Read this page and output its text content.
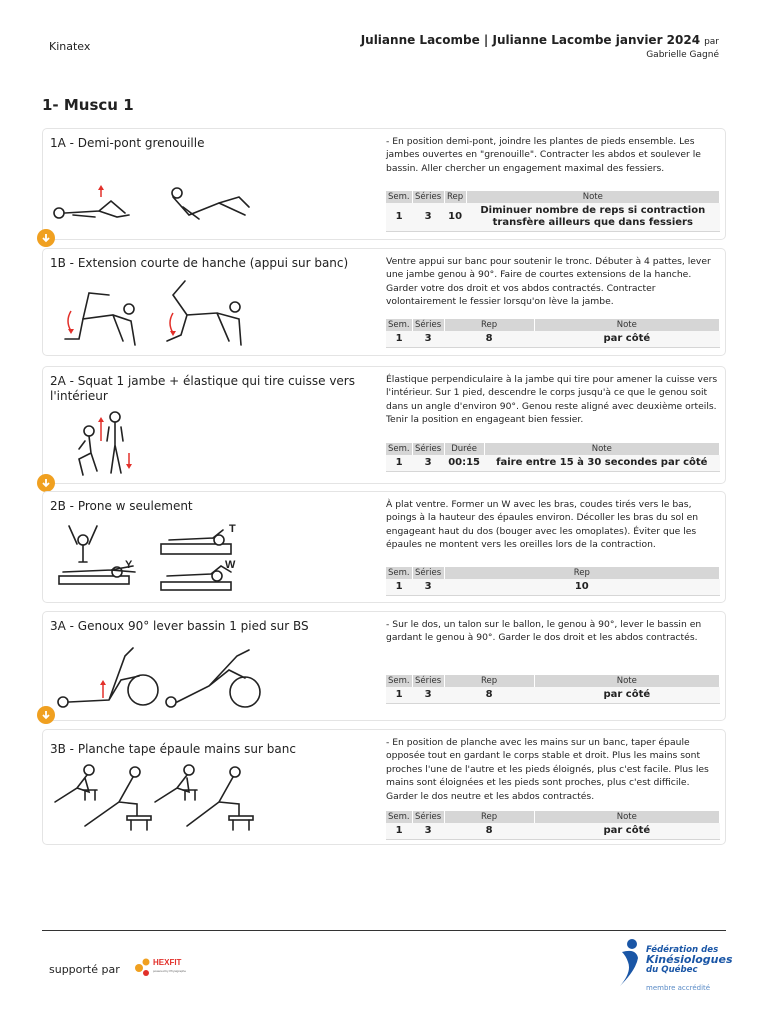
Kinatex	Julianne Lacombe | Julianne Lacombe janvier 2024 par
Gabrielle Gagné
1- Muscu 1
1A - Demi-pont grenouille	- En position demi-pont, joindre les plantes de pieds ensemble. Les jambes ouvertes en "grenouille". Contracter les abdos et soulever le bassin. Aller chercher un engagement maximal des fessiers.
Sem.	Séries	Rep	Note
1	3	10	Diminuer nombre de reps si contraction transfère ailleurs que dans fessiers
1B - Extension courte de hanche (appui sur banc)	Ventre appui sur banc pour soutenir le tronc. Débuter à 4 pattes, lever une jambe genou à 90°. Faire de courtes extensions de la hanche. Garder votre dos droit et vos abdos contractés. Contracter volontairement le fessier lorsqu'on lève la jambe.
Sem.	Séries	Rep	Note
1	3	8	par côté
2A - Squat 1 jambe + élastique qui tire cuisse vers l'intérieur
Élastique perpendiculaire à la jambe qui tire pour amener la cuisse vers l'intérieur. Sur 1 pied, descendre le corps jusqu'à ce que le genou soit dans un angle d'environ 90°. Genou reste aligné avec deuxième orteils. Tenir la position en engageant bien fessier.
Sem.	Séries	Durée	Note
1	3	00:15	faire entre 15 à 30 secondes par côté
2B - Prone w seulement
T
Y	W
À plat ventre. Former un W avec les bras, coudes tirés vers le bas, poings à la hauteur des épaules environ. Décoller les bras du sol en engageant haut du dos (bouger avec les omoplates). Éviter que les épaules ne montent vers les oreilles lors de la contraction.
Sem.	Séries	Rep
1	3	10
3A - Genoux 90° lever bassin 1 pied sur BS	- Sur le dos, un talon sur le ballon, le genou à 90°, lever le bassin en gardant le genou à 90°. Garder le dos droit et les abdos contractés.
Sem.	Séries	Rep	Note
1	3	8	par côté
3B - Planche tape épaule mains sur banc	- En position de planche avec les mains sur un banc, taper épaule opposée tout en gardant le corps stable et droit. Plus les mains sont proches l'une de l'autre et les pieds éloignés, plus c'est facile. Plus les mains sont éloignées et les pieds sont proches, plus c'est difficile. Garder le dos neutre et les abdos contractés.
Sem.	Séries	Rep	Note
1	3	8	par côté
supporté par
HEXFIT
powered by Physigraphe
Fédération des
Kinésiologues
du Québec
membre accrédité
